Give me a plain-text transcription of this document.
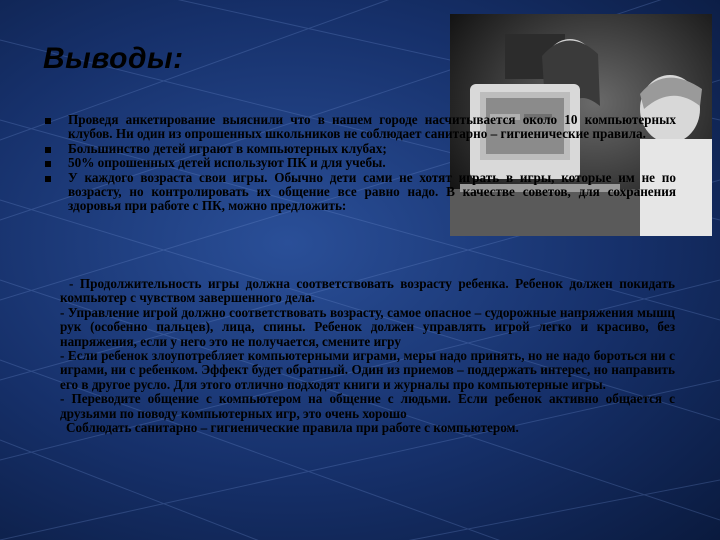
Выводы:
Проведя анкетирование выяснили что в нашем городе насчитывается около 10 компьютерных клубов. Ни один из опрошенных школьников не соблюдает санитарно – гигиенические правила.
Большинство детей играют в компьютерных клубах;
50% опрошенных детей используют ПК и для учебы.
У каждого возраста свои игры. Обычно дети сами не хотят играть в игры, которые им не по возрасту, но контролировать их общение все равно надо. В качестве советов, для сохранения здоровья при работе с ПК, можно предложить:

- Продолжительность игры должна соответствовать возрасту ребенка. Ребенок должен покидать компьютер с чувством завершенного дела.

- Управление игрой должно соответствовать возрасту, самое опасное – судорожные напряжения мышц рук (особенно пальцев), лица, спины. Ребенок должен управлять игрой легко и красиво, без напряжения, если у него это не получается, смените игру

- Если ребенок злоупотребляет компьютерными играми, меры надо принять, но не надо бороться ни с играми, ни с ребенком. Эффект будет обратный. Один из приемов – поддержать интерес, но направить его в другое русло. Для этого отлично подходят книги и журналы про компьютерные игры.

- Переводите общение с компьютером на общение с людьми. Если ребенок активно общается с друзьями по поводу компьютерных игр, это очень хорошо

Соблюдать санитарно – гигиенические правила при работе с компьютером.
